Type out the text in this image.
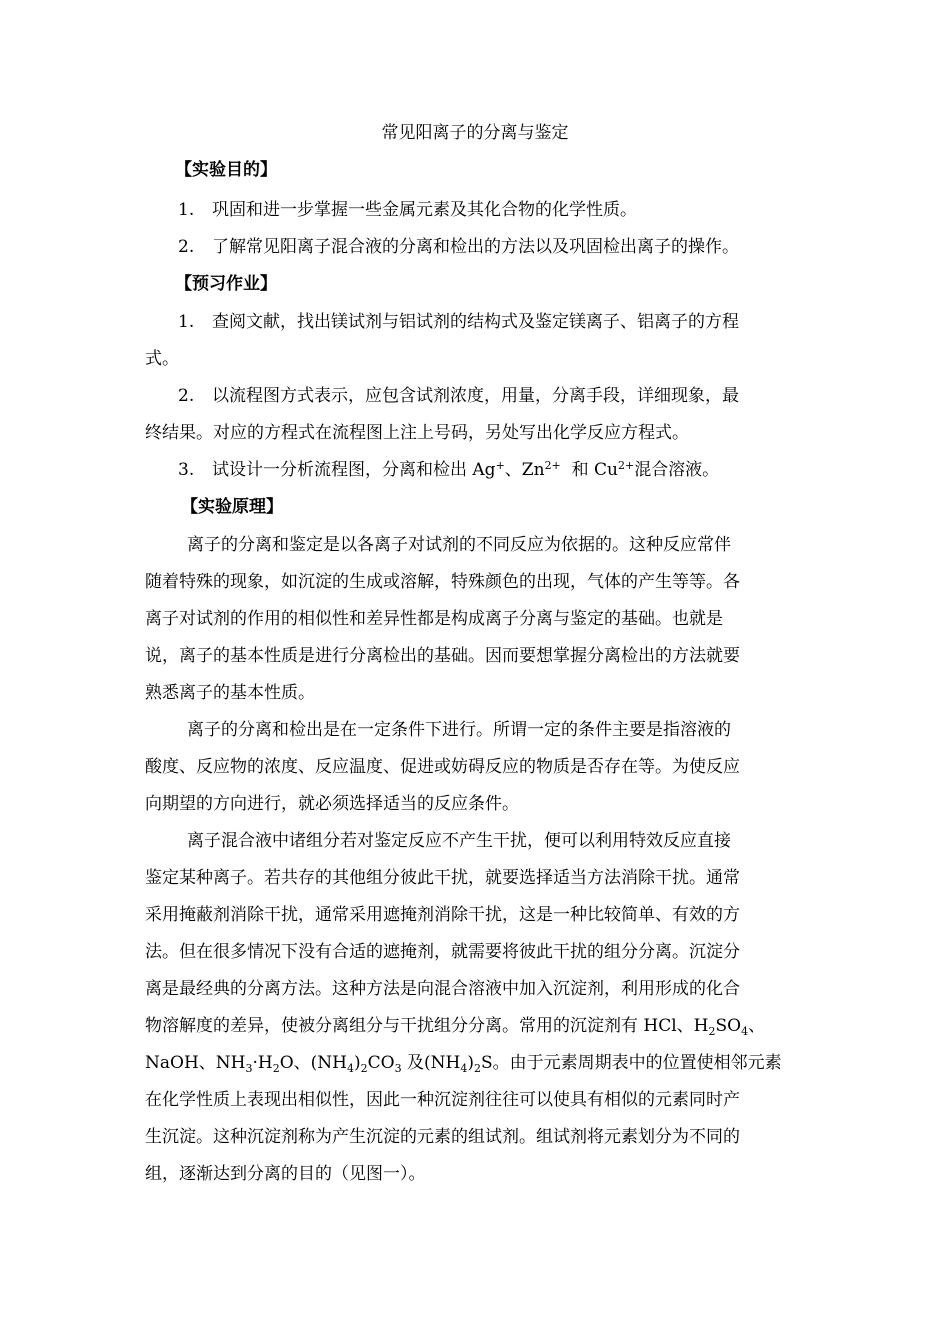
常见阳离子的分离与鉴定
【实验目的】
1. 巩固和进一步掌握一些金属元素及其化合物的化学性质。
2. 了解常见阳离子混合液的分离和检出的方法以及巩固检出离子的操作。
【预习作业】
1. 查阅文献，找出镁试剂与铝试剂的结构式及鉴定镁离子、铝离子的方程
式。
2. 以流程图方式表示，应包含试剂浓度，用量，分离手段，详细现象，最
终结果。对应的方程式在流程图上注上号码，另处写出化学反应方程式。
3. 试设计一分析流程图，分离和检出 Ag+、$Zn^{2+}$  和 $Cu^{2+}$混合溶液。
【实验原理】
离子的分离和鉴定是以各离子对试剂的不同反应为依据的。这种反应常伴
随着特殊的现象，如沉淀的生成或溶解，特殊颜色的出现，气体的产生等等。各
离子对试剂的作用的相似性和差异性都是构成离子分离与鉴定的基础。也就是
说，离子的基本性质是进行分离检出的基础。因而要想掌握分离检出的方法就要
熟悉离子的基本性质。
离子的分离和检出是在一定条件下进行。所谓一定的条件主要是指溶液的
酸度、反应物的浓度、反应温度、促进或妨碍反应的物质是否存在等。为使反应
向期望的方向进行，就必须选择适当的反应条件。
离子混合液中诸组分若对鉴定反应不产生干扰，便可以利用特效反应直接
鉴定某种离子。若共存的其他组分彼此干扰，就要选择适当方法消除干扰。通常
采用掩蔽剂消除干扰，通常采用遮掩剂消除干扰，这是一种比较简单、有效的方
法。但在很多情况下没有合适的遮掩剂，就需要将彼此干扰的组分分离。沉淀分
离是最经典的分离方法。这种方法是向混合溶液中加入沉淀剂，利用形成的化合
物溶解度的差异，使被分离组分与干扰组分分离。常用的沉淀剂有 HCl、$H_2SO_4$、
NaOH、$NH_3\cdot H_2O$、$(NH_4)_2CO_3$ 及$(NH_4)_2S$。由于元素周期表中的位置使相邻元素
在化学性质上表现出相似性，因此一种沉淀剂往往可以使具有相似的元素同时产
生沉淀。这种沉淀剂称为产生沉淀的元素的组试剂。组试剂将元素划分为不同的
组，逐渐达到分离的目的（见图一）。
